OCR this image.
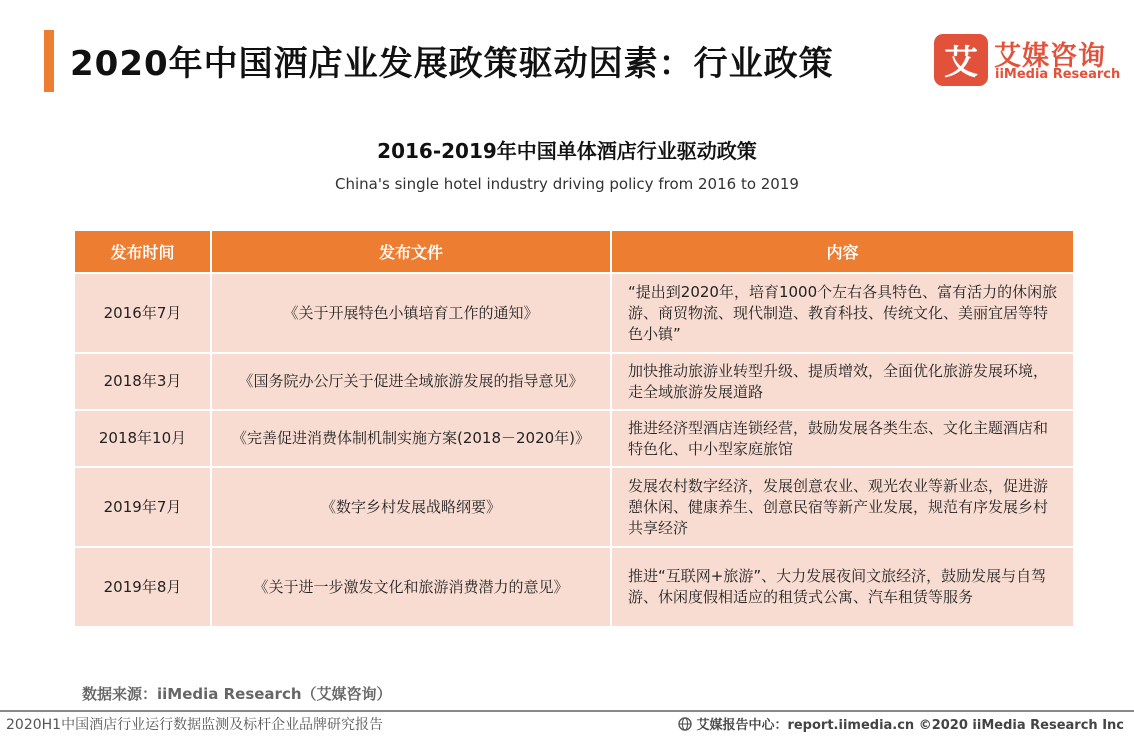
2020年中国酒店业发展政策驱动因素：行业政策	艾 艾媒咨询
iiMedia Research
2016-2019年中国单体酒店行业驱动政策
China's single hotel industry driving policy from 2016 to 2019
发布时间	发布文件	内容
2016年7月	《关于开展特色小镇培育工作的通知》	“提出到2020年，培育1000个左右各具特色、富有活力的休闲旅游、商贸物流、现代制造、教育科技、传统文化、美丽宜居等特色小镇”
2018年3月	《国务院办公厅关于促进全域旅游发展的指导意见》	加快推动旅游业转型升级、提质增效，全面优化旅游发展环境，走全域旅游发展道路
2018年10月	《完善促进消费体制机制实施方案(2018－2020年)》	推进经济型酒店连锁经营，鼓励发展各类生态、文化主题酒店和特色化、中小型家庭旅馆
2019年7月	《数字乡村发展战略纲要》	发展农村数字经济，发展创意农业、观光农业等新业态，促进游憩休闲、健康养生、创意民宿等新产业发展，规范有序发展乡村共享经济
2019年8月	《关于进一步激发文化和旅游消费潜力的意见》	推进“互联网+旅游”、大力发展夜间文旅经济，鼓励发展与自驾游、休闲度假相适应的租赁式公寓、汽车租赁等服务
数据来源：iiMedia Research（艾媒咨询）
2020H1中国酒店行业运行数据监测及标杆企业品牌研究报告	艾媒报告中心：report.iimedia.cn ©2020 iiMedia Research Inc
